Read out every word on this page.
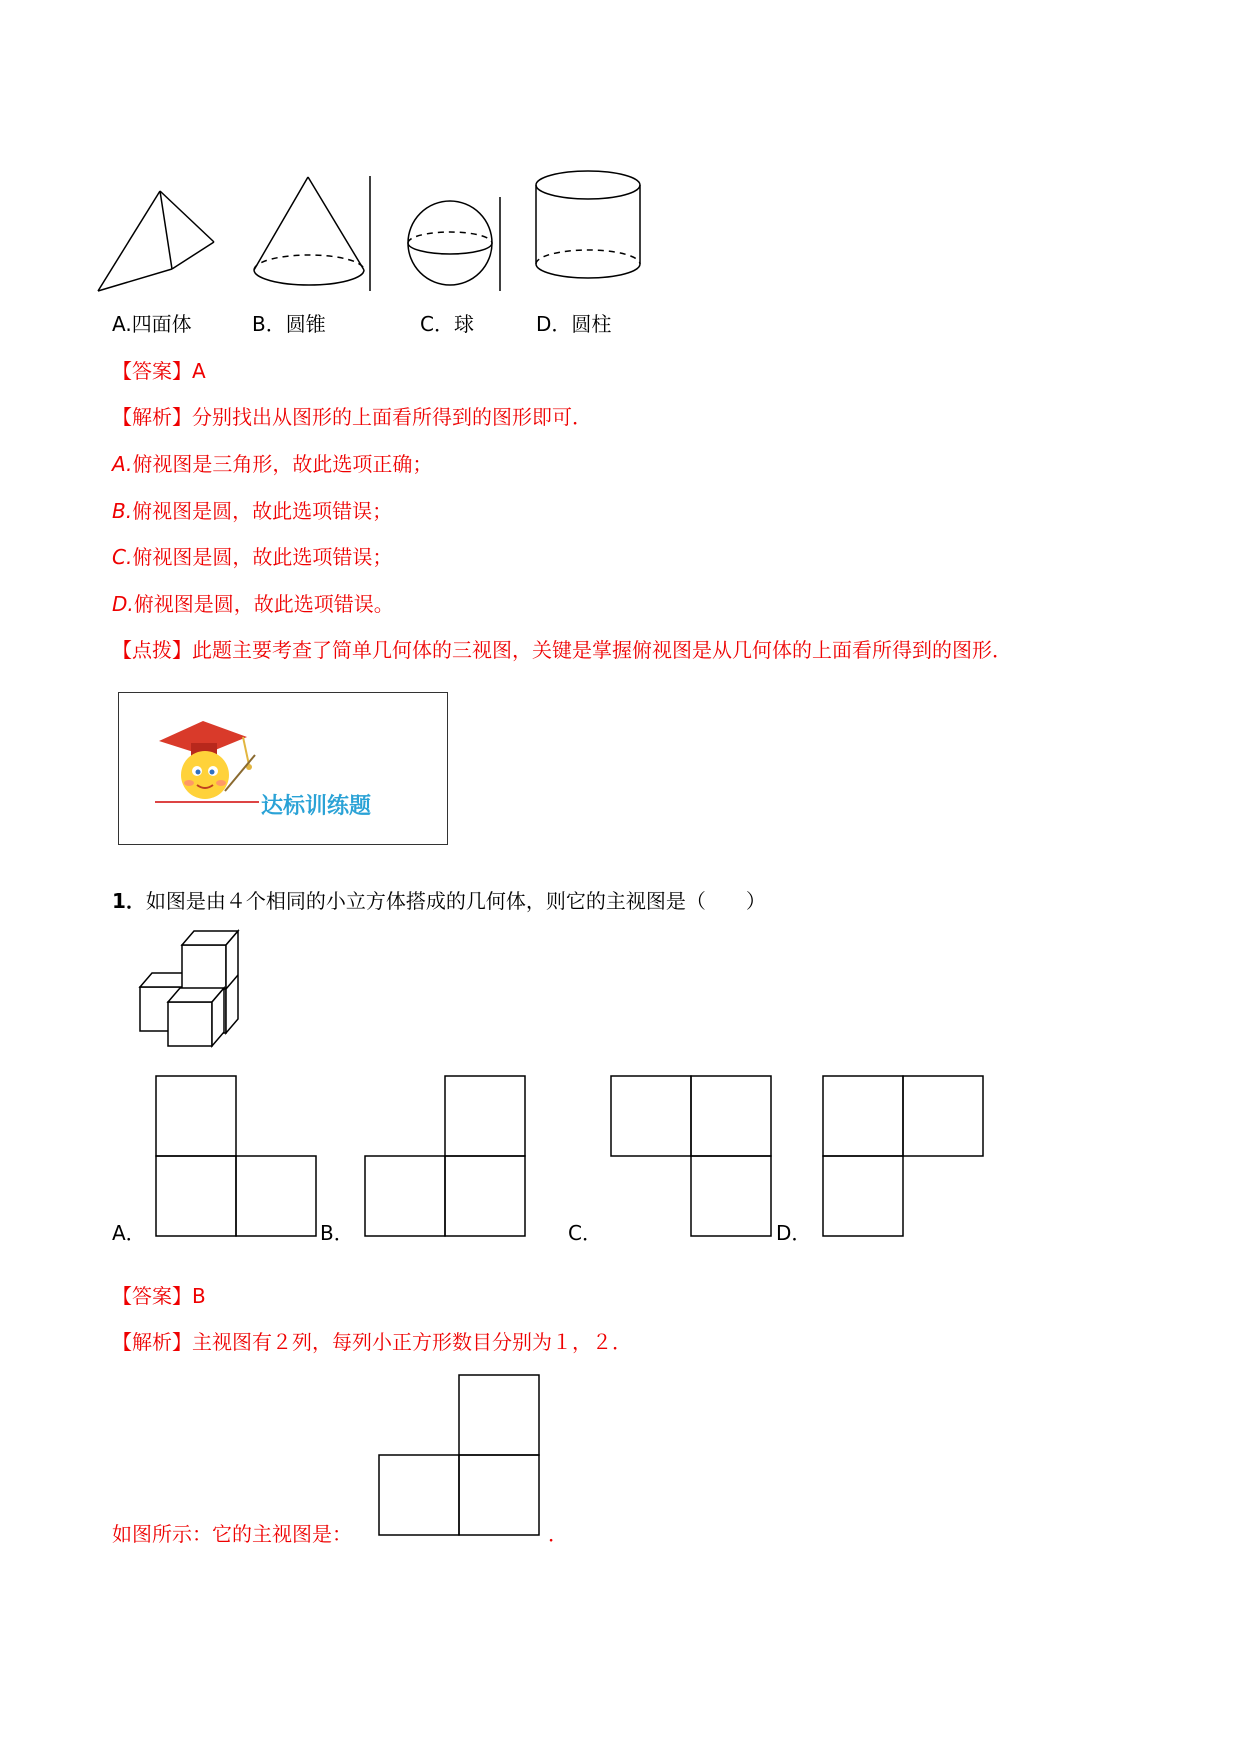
A.四面体	B．圆锥	C．球	D．圆柱
【答案】A
【解析】分别找出从图形的上面看所得到的图形即可．
A.俯视图是三角形，故此选项正确；
B.俯视图是圆，故此选项错误；
C.俯视图是圆，故此选项错误；
D.俯视图是圆，故此选项错误。
【点拨】此题主要考查了简单几何体的三视图，关键是掌握俯视图是从几何体的上面看所得到的图形．
达标训练题
1．如图是由４个相同的小立方体搭成的几何体，则它的主视图是（　　）
A．	B．	C．	D．
【答案】B
【解析】主视图有２列，每列小正方形数目分别为１，２．
如图所示：它的主视图是：	．
